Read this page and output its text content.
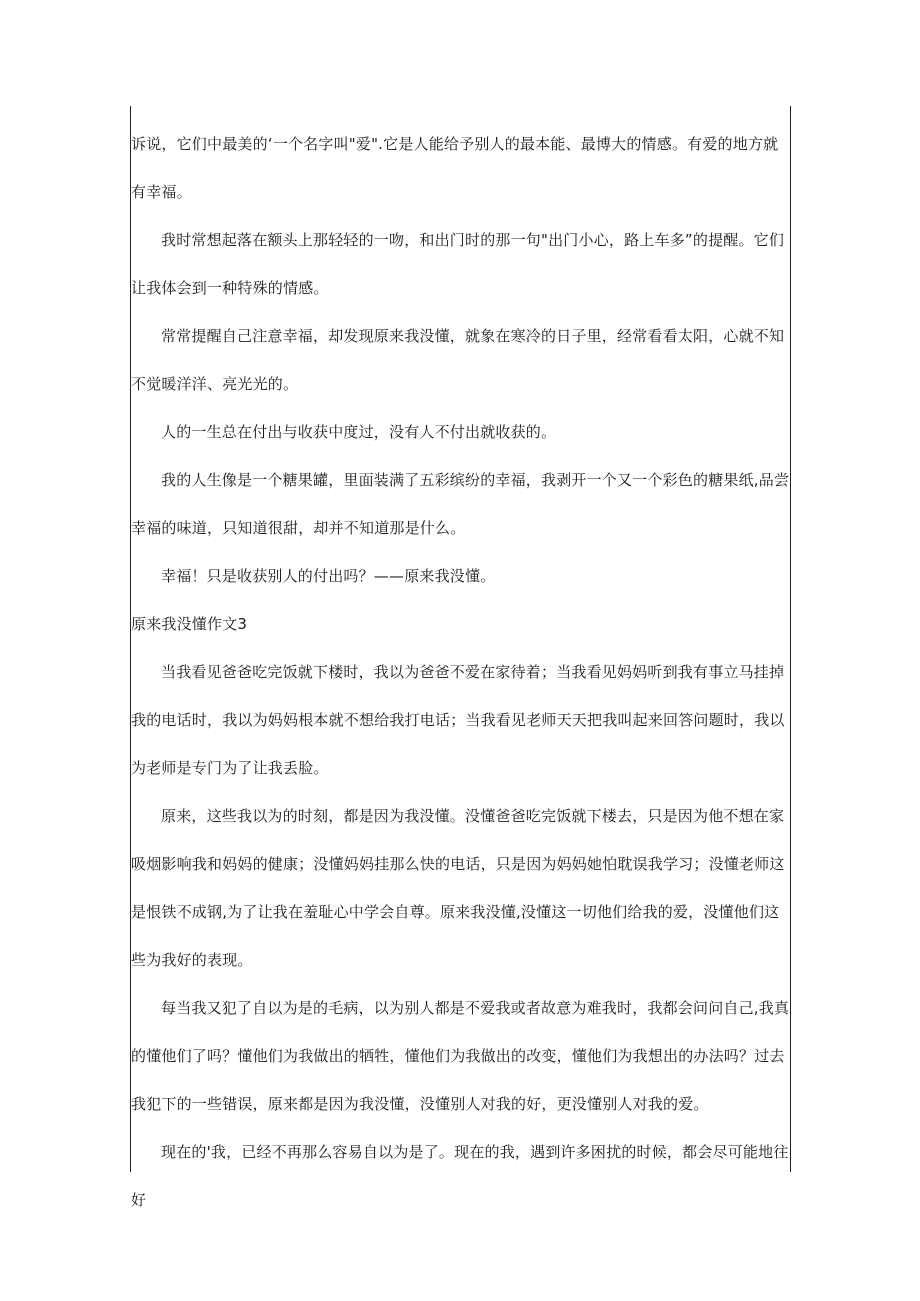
诉说，它们中最美的‘一个名字叫"爱".它是人能给予别人的最本能、最博大的情感。有爱的地方就有幸福。

我时常想起落在额头上那轻轻的一吻，和出门时的那一句"出门小心，路上车多”的提醒。它们让我体会到一种特殊的情感。

常常提醒自己注意幸福，却发现原来我没懂，就象在寒冷的日子里，经常看看太阳，心就不知不觉暖洋洋、亮光光的。

人的一生总在付出与收获中度过，没有人不付出就收获的。

我的人生像是一个糖果罐，里面装满了五彩缤纷的幸福，我剥开一个又一个彩色的糖果纸,品尝幸福的味道，只知道很甜，却并不知道那是什么。

幸福！只是收获别人的付出吗？——原来我没懂。

原来我没懂作文3

当我看见爸爸吃完饭就下楼时，我以为爸爸不爱在家待着；当我看见妈妈听到我有事立马挂掉我的电话时，我以为妈妈根本就不想给我打电话；当我看见老师天天把我叫起来回答问题时，我以为老师是专门为了让我丢脸。

原来，这些我以为的时刻，都是因为我没懂。没懂爸爸吃完饭就下楼去，只是因为他不想在家吸烟影响我和妈妈的健康；没懂妈妈挂那么快的电话，只是因为妈妈她怕耽误我学习；没懂老师这是恨铁不成钢,为了让我在羞耻心中学会自尊。原来我没懂,没懂这一切他们给我的爱，没懂他们这些为我好的表现。

每当我又犯了自以为是的毛病，以为别人都是不爱我或者故意为难我时，我都会问问自己,我真的懂他们了吗？懂他们为我做出的牺牲，懂他们为我做出的改变，懂他们为我想出的办法吗？过去我犯下的一些错误，原来都是因为我没懂，没懂别人对我的好，更没懂别人对我的爱。

现在的'我，已经不再那么容易自以为是了。现在的我，遇到许多困扰的时候，都会尽可能地往好
